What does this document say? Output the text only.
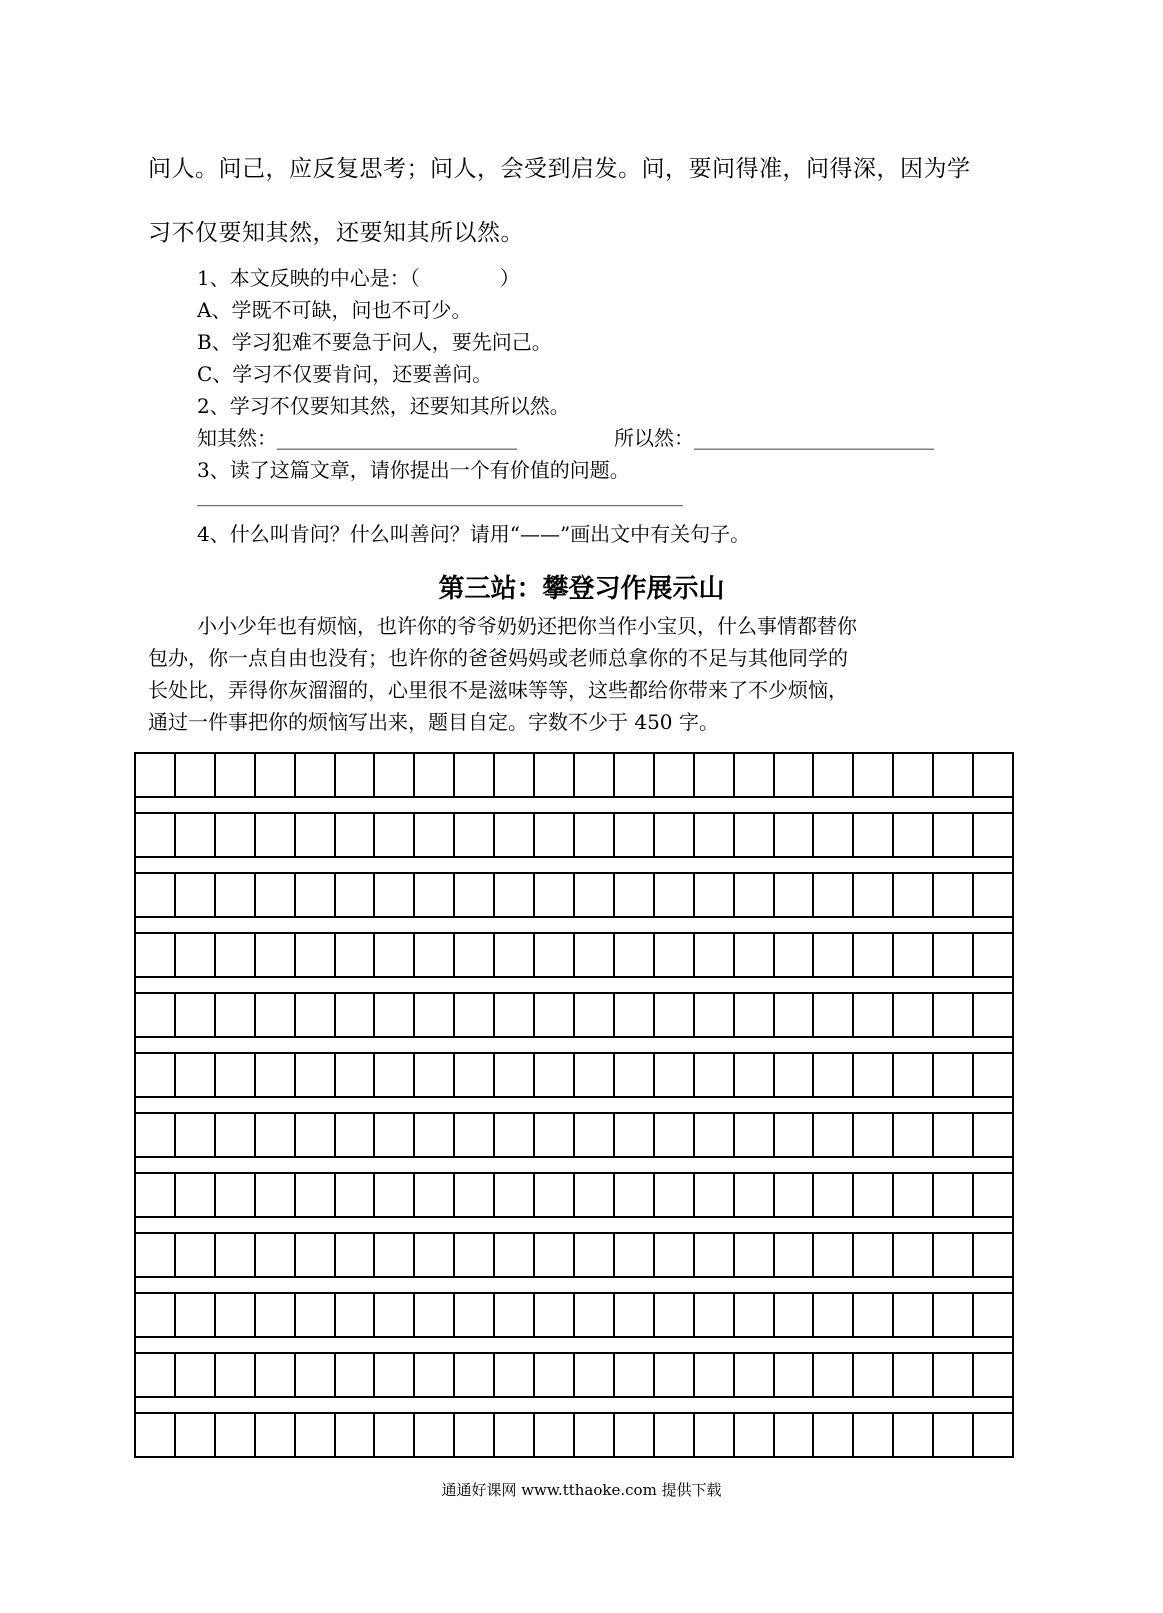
问人。问己，应反复思考；问人，会受到启发。问，要问得准，问得深，因为学
习不仅要知其然，还要知其所以然。
1、本文反映的中心是：（　　　　）
A、学既不可缺，问也不可少。
B、学习犯难不要急于问人，要先问己。
C、学习不仅要肯问，还要善问。
2、学习不仅要知其然，还要知其所以然。
知其然：________________________	所以然：________________________
3、读了这篇文章，请你提出一个有价值的问题。
______________________________________________________
4、什么叫肯问？什么叫善问？请用“——”画出文中有关句子。
第三站：攀登习作展示山
小小少年也有烦恼，也许你的爷爷奶奶还把你当作小宝贝，什么事情都替你
包办，你一点自由也没有；也许你的爸爸妈妈或老师总拿你的不足与其他同学的
长处比，弄得你灰溜溜的，心里很不是滋味等等，这些都给你带来了不少烦恼，
通过一件事把你的烦恼写出来，题目自定。字数不少于 450 字。
通通好课网 www.tthaoke.com 提供下载
